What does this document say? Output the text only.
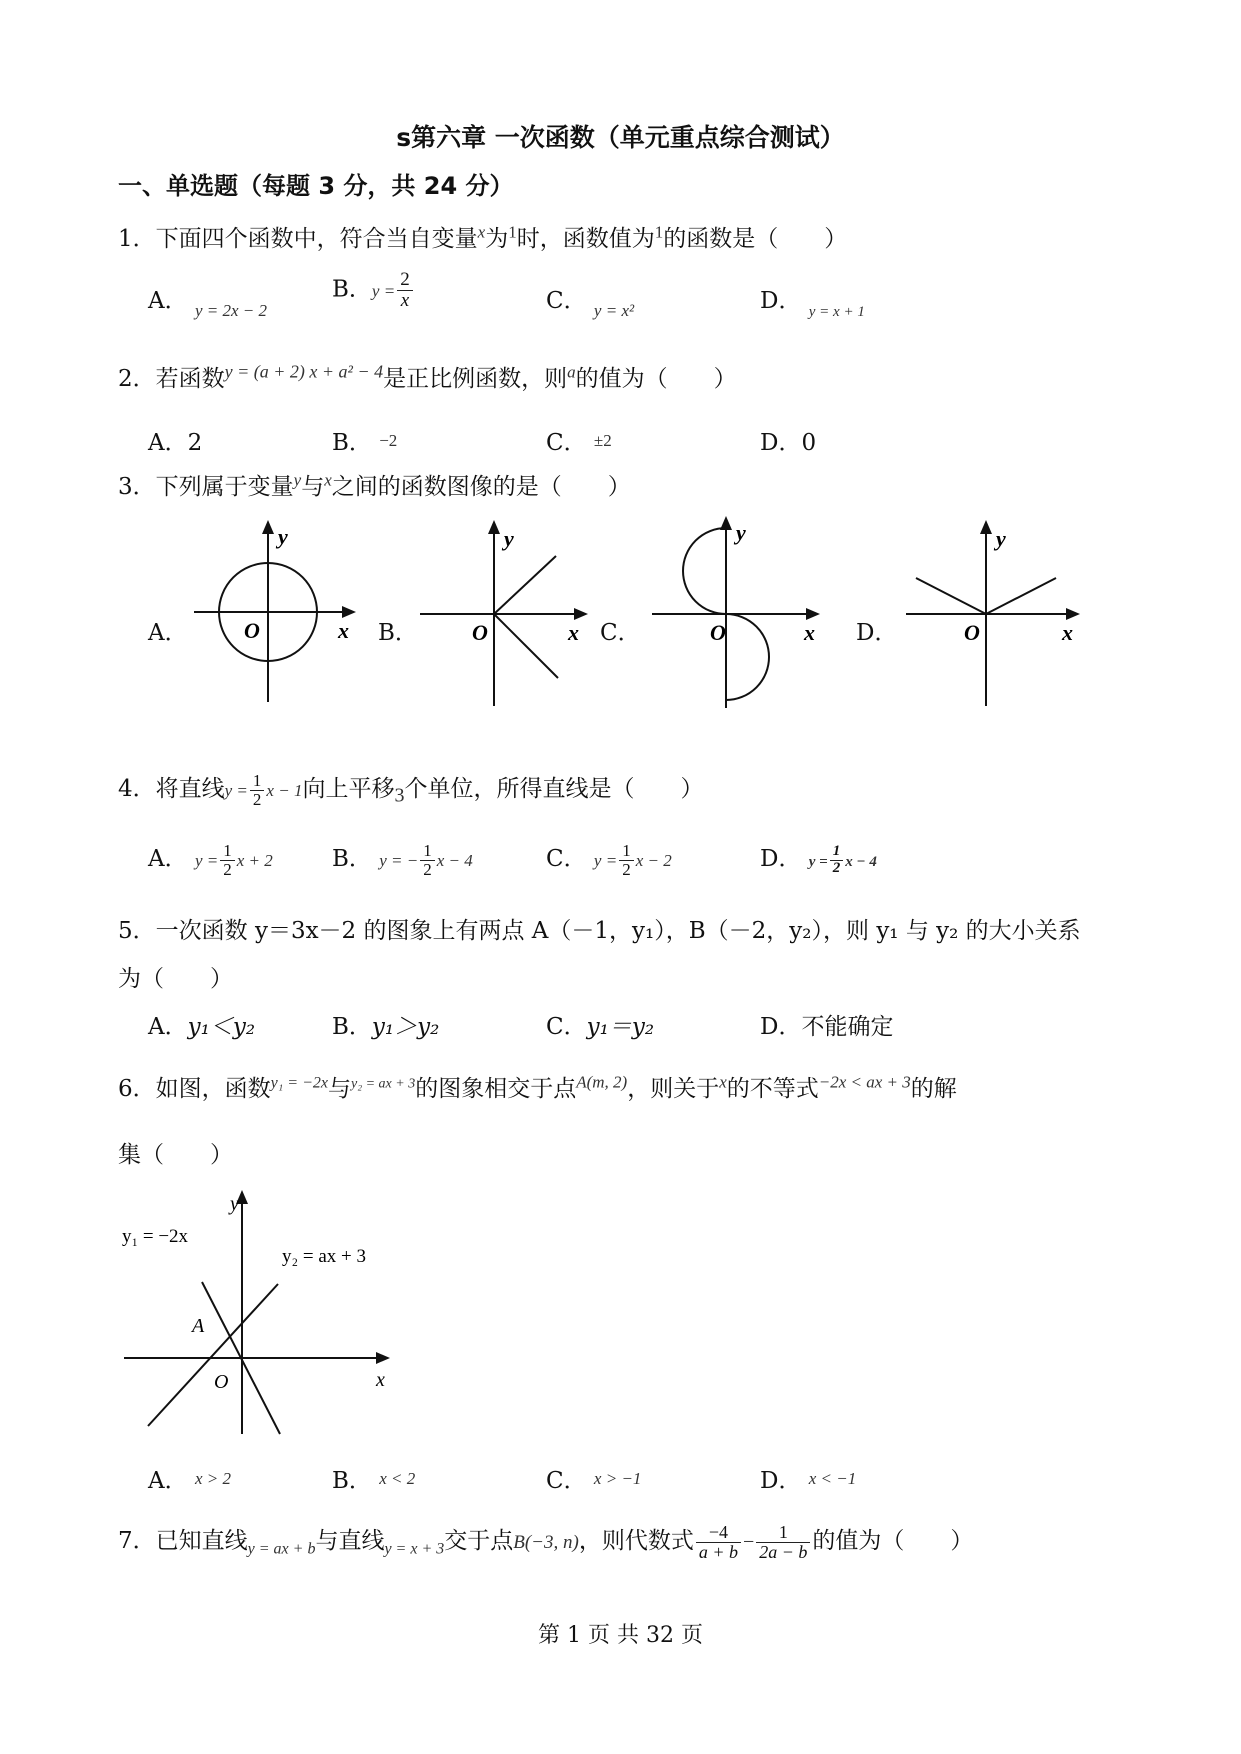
s第六章 一次函数（单元重点综合测试）
一、单选题（每题 3 分，共 24 分）
1．下面四个函数中，符合当自变量$^x$为$^1$时，函数值为$^1$的函数是（　　）
A． $_{y = 2x - 2}$
B．$y = \frac{2}{x}$	C． $_{y = x^2}$	D． $_{y = x + 1}$
2．若函数$^{y = (a + 2) x + a^2 - 4}$是正比例函数，则$^a$的值为（　　）
A．2	B． −2	C． ±2	D．0
3．下列属于变量$^y$与$^x$之间的函数图像的是（　　）
A．
y
x
O	B．
y
x
O	C．
y
x
O	D．
y
x
O
4．将直线$y = \frac{1}{2}$ x − 1向上平移$_3$个单位，所得直线是（　　）
A． $y = \frac{1}{2}$ x + 2	B． y = − $\frac{1}{2}$ x − 4	C． $y = \frac{1}{2}$ x − 2	D． $y = \frac{1}{2}$ x − 4
5．一次函数 y＝3x－2 的图象上有两点 A（－1，y₁），B（－2，y₂），则 y₁ 与 y₂ 的大小关系
为（　　）
A．y₁＜y₂	B．y₁＞y₂	C．y₁＝y₂	D．不能确定
6．如图，函数$^{y_1 = -2x}$与$^{y_2 = ax + 3}$的图象相交于点$^{A(m, 2)}$，则关于$^x$的不等式$^{-2x < ax + 3}$的解
集（　　）
y
x
O
A
y₁ = −2x
y₂ = ax + 3
A． x > 2	B． x < 2	C． x > −1	D． x < −1
7．已知直线$_{y = ax + b}$与直线$_{y = x + 3}$交于点B(−3, n)，则代数式 $\frac{-4}{a + b} - \frac{1}{2a - b}$ 的值为（　　）
第 1 页 共 32 页
